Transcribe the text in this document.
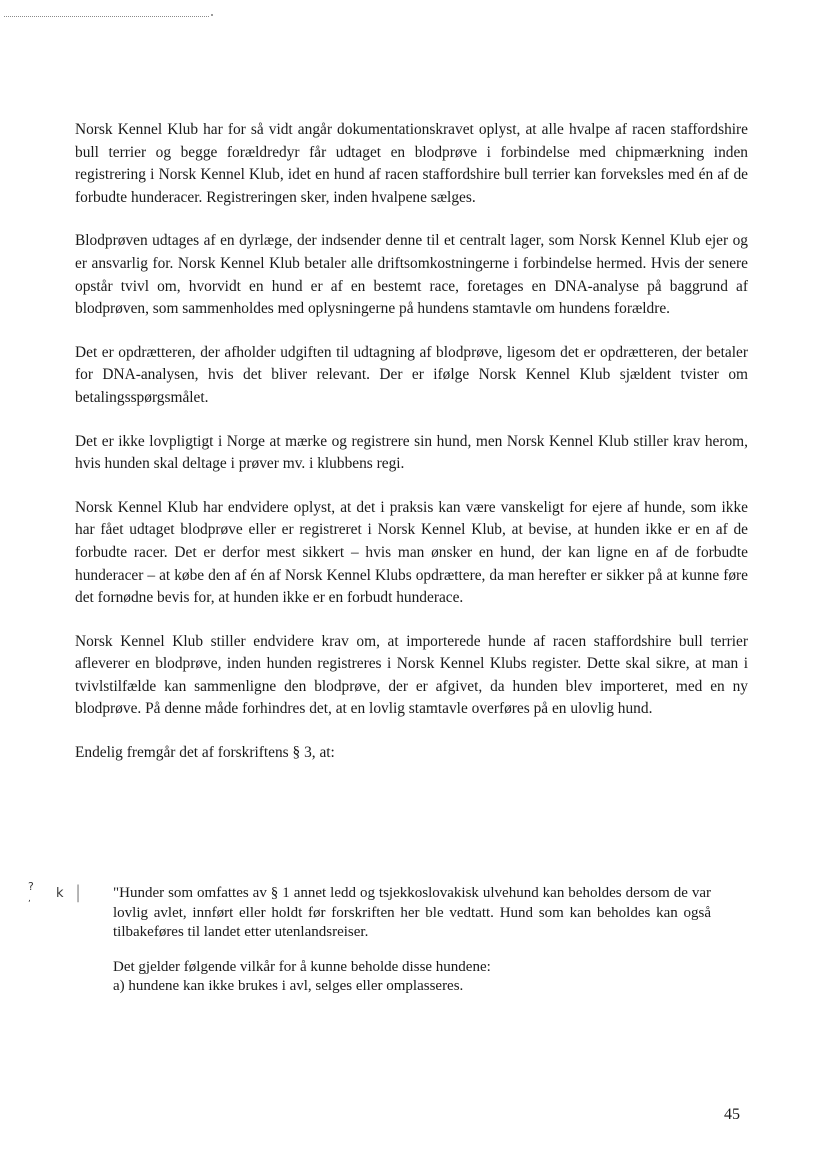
Norsk Kennel Klub har for så vidt angår dokumentationskravet oplyst, at alle hvalpe af racen staffordshire bull terrier og begge forældredyr får udtaget en blodprøve i forbindelse med chipmærkning inden registrering i Norsk Kennel Klub, idet en hund af racen staffordshire bull terrier kan forveksles med én af de forbudte hunderacer. Registreringen sker, inden hvalpene sælges.

Blodprøven udtages af en dyrlæge, der indsender denne til et centralt lager, som Norsk Kennel Klub ejer og er ansvarlig for. Norsk Kennel Klub betaler alle driftsomkostningerne i forbindelse hermed. Hvis der senere opstår tvivl om, hvorvidt en hund er af en bestemt race, foretages en DNA-analyse på baggrund af blodprøven, som sammenholdes med oplysningerne på hundens stamtavle om hundens forældre.

Det er opdrætteren, der afholder udgiften til udtagning af blodprøve, ligesom det er opdrætteren, der betaler for DNA-analysen, hvis det bliver relevant. Der er ifølge Norsk Kennel Klub sjældent tvister om betalingsspørgsmålet.

Det er ikke lovpligtigt i Norge at mærke og registrere sin hund, men Norsk Kennel Klub stiller krav herom, hvis hunden skal deltage i prøver mv. i klubbens regi.

Norsk Kennel Klub har endvidere oplyst, at det i praksis kan være vanskeligt for ejere af hunde, som ikke har fået udtaget blodprøve eller er registreret i Norsk Kennel Klub, at bevise, at hunden ikke er en af de forbudte racer. Det er derfor mest sikkert – hvis man ønsker en hund, der kan ligne en af de forbudte hunderacer – at købe den af én af Norsk Kennel Klubs opdrættere, da man herefter er sikker på at kunne føre det fornødne bevis for, at hunden ikke er en forbudt hunderace.

Norsk Kennel Klub stiller endvidere krav om, at importerede hunde af racen staffordshire bull terrier afleverer en blodprøve, inden hunden registreres i Norsk Kennel Klubs register. Dette skal sikre, at man i tvivlstilfælde kan sammenligne den blodprøve, der er afgivet, da hunden blev importeret, med en ny blodprøve. På denne måde forhindres det, at en lovlig stamtavle overføres på en ulovlig hund.

Endelig fremgår det af forskriftens § 3, at:

? k |
,	"Hunder som omfattes av § 1 annet ledd og tsjekkoslovakisk ulvehund kan beholdes dersom de var lovlig avlet, innført eller holdt før forskriften her ble vedtatt. Hund som kan beholdes kan også tilbakeføres til landet etter utenlandsreiser.

Det gjelder følgende vilkår for å kunne beholde disse hundene:

a) hundene kan ikke brukes i avl, selges eller omplasseres.

45
